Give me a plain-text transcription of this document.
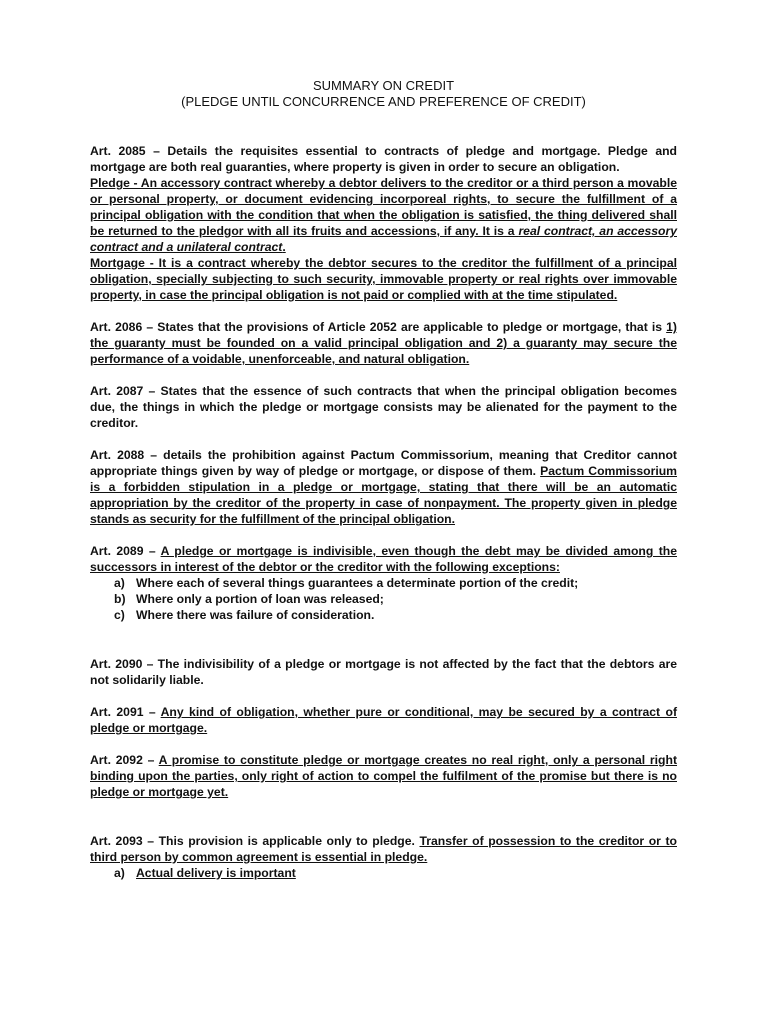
SUMMARY ON CREDIT

(PLEDGE UNTIL CONCURRENCE AND PREFERENCE OF CREDIT)

Art. 2085 – Details the requisites essential to contracts of pledge and mortgage. Pledge and mortgage are both real guaranties, where property is given in order to secure an obligation.

Pledge - An accessory contract whereby a debtor delivers to the creditor or a third person a movable or personal property, or document evidencing incorporeal rights, to secure the fulfillment of a principal obligation with the condition that when the obligation is satisfied, the thing delivered shall be returned to the pledgor with all its fruits and accessions, if any. It is a real contract, an accessory contract and a unilateral contract.

Mortgage - It is a contract whereby the debtor secures to the creditor the fulfillment of a principal obligation, specially subjecting to such security, immovable property or real rights over immovable property, in case the principal obligation is not paid or complied with at the time stipulated.

Art. 2086 – States that the provisions of Article 2052 are applicable to pledge or mortgage, that is 1) the guaranty must be founded on a valid principal obligation and 2) a guaranty may secure the performance of a voidable, unenforceable, and natural obligation.

Art. 2087 – States that the essence of such contracts that when the principal obligation becomes due, the things in which the pledge or mortgage consists may be alienated for the payment to the creditor.

Art. 2088 – details the prohibition against Pactum Commissorium, meaning that Creditor cannot appropriate things given by way of pledge or mortgage, or dispose of them. Pactum Commissorium is a forbidden stipulation in a pledge or mortgage, stating that there will be an automatic appropriation by the creditor of the property in case of nonpayment. The property given in pledge stands as security for the fulfillment of the principal obligation.

Art. 2089 – A pledge or mortgage is indivisible, even though the debt may be divided among the successors in interest of the debtor or the creditor with the following exceptions:

a) Where each of several things guarantees a determinate portion of the credit;
b) Where only a portion of loan was released;
c) Where there was failure of consideration.

Art. 2090 – The indivisibility of a pledge or mortgage is not affected by the fact that the debtors are not solidarily liable.

Art. 2091 – Any kind of obligation, whether pure or conditional, may be secured by a contract of pledge or mortgage.

Art. 2092 – A promise to constitute pledge or mortgage creates no real right, only a personal right binding upon the parties, only right of action to compel the fulfilment of the promise but there is no pledge or mortgage yet.

Art. 2093 – This provision is applicable only to pledge. Transfer of possession to the creditor or to third person by common agreement is essential in pledge.

a) Actual delivery is important
